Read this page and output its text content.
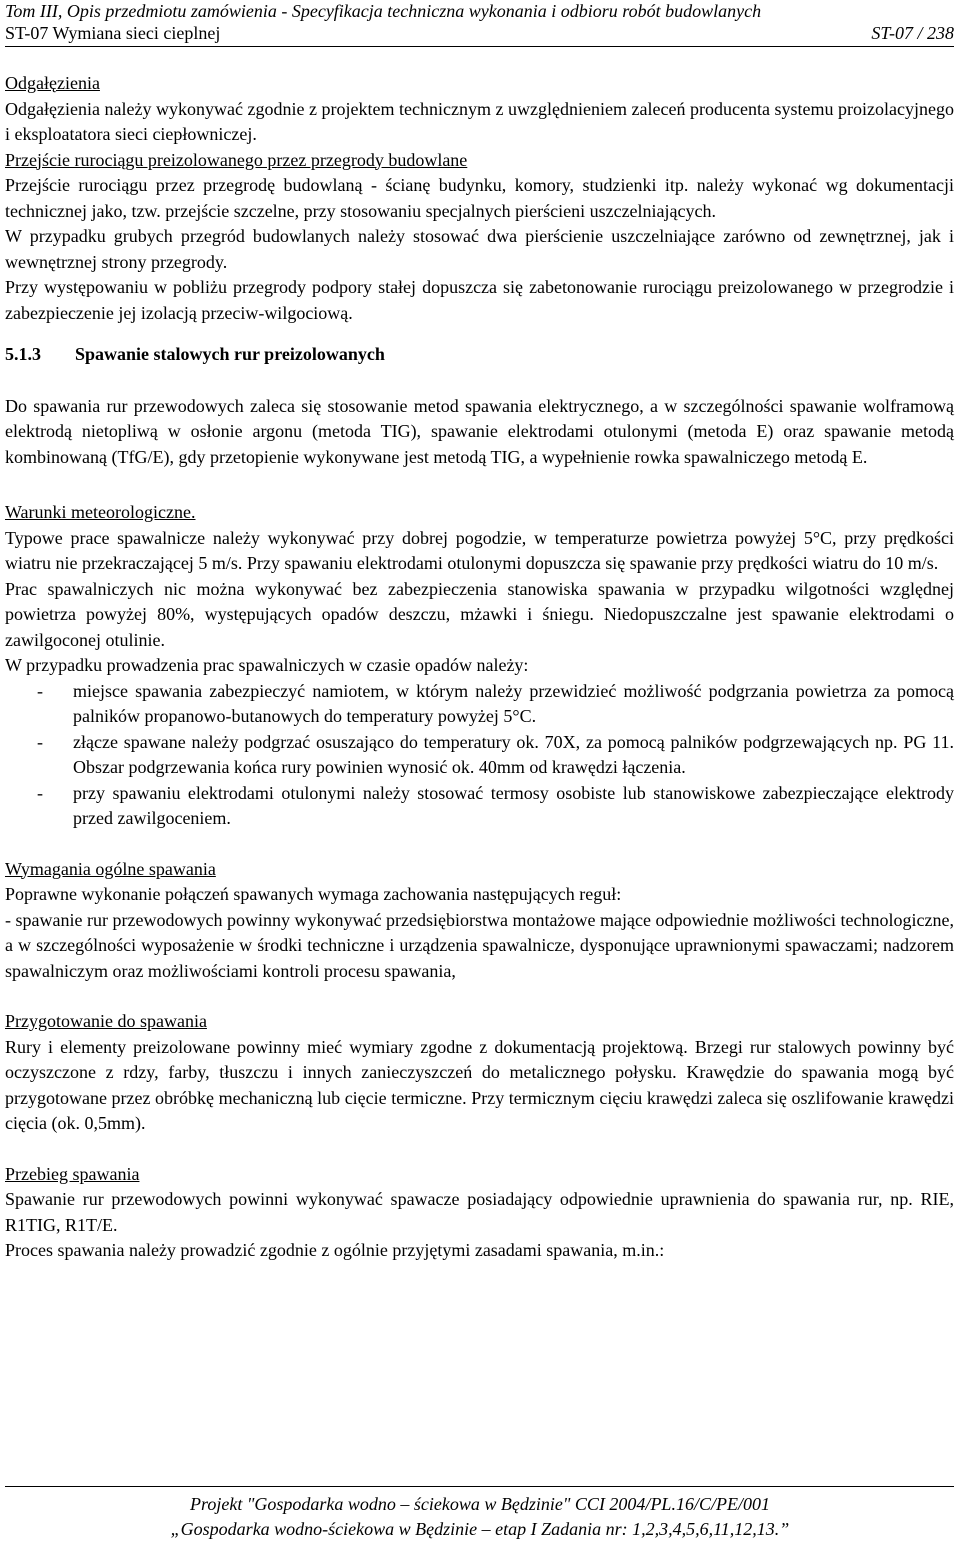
Tom III, Opis przedmiotu zamówienia - Specyfikacja techniczna wykonania i odbioru robót budowlanych
ST-07 Wymiana sieci cieplnej	ST-07 / 238

Odgałęzienia

Odgałęzienia należy wykonywać zgodnie z projektem technicznym z uwzględnieniem zaleceń producenta systemu proizolacyjnego i eksploatatora sieci ciepłowniczej.

Przejście rurociągu preizolowanego przez przegrody budowlane

Przejście rurociągu przez przegrodę budowlaną - ścianę budynku, komory, studzienki itp. należy wykonać wg dokumentacji technicznej jako, tzw. przejście szczelne, przy stosowaniu specjalnych pierścieni uszczelniających.

W przypadku grubych przegród budowlanych należy stosować dwa pierścienie uszczelniające zarówno od zewnętrznej, jak i wewnętrznej strony przegrody.

Przy występowaniu w pobliżu przegrody podpory stałej dopuszcza się zabetonowanie rurociągu preizolowanego w przegrodzie i zabezpieczenie jej izolacją przeciw-wilgociową.

5.1.3	Spawanie stalowych rur preizolowanych

Do spawania rur przewodowych zaleca się stosowanie metod spawania elektrycznego, a w szczególności spawanie wolframową elektrodą nietopliwą w osłonie argonu (metoda TIG), spawanie elektrodami otulonymi (metoda E) oraz spawanie metodą kombinowaną (TfG/E), gdy przetopienie wykonywane jest metodą TIG, a wypełnienie rowka spawalniczego metodą E.

Warunki meteorologiczne.

Typowe prace spawalnicze należy wykonywać przy dobrej pogodzie, w temperaturze powietrza powyżej 5°C, przy prędkości wiatru nie przekraczającej 5 m/s. Przy spawaniu elektrodami otulonymi dopuszcza się spawanie przy prędkości wiatru do 10 m/s.

Prac spawalniczych nic można wykonywać bez zabezpieczenia stanowiska spawania w przypadku wilgotności względnej powietrza powyżej 80%, występujących opadów deszczu, mżawki i śniegu. Niedopuszczalne jest spawanie elektrodami o zawilgoconej otulinie.

W przypadku prowadzenia prac spawalniczych w czasie opadów należy:

-	miejsce spawania zabezpieczyć namiotem, w którym należy przewidzieć możliwość podgrzania powietrza za pomocą palników propanowo-butanowych do temperatury powyżej 5°C.
-	złącze spawane należy podgrzać osuszająco do temperatury ok. 70X, za pomocą palników podgrzewających np. PG 11. Obszar podgrzewania końca rury powinien wynosić ok. 40mm od krawędzi łączenia.
-	przy spawaniu elektrodami otulonymi należy stosować termosy osobiste lub stanowiskowe zabezpieczające elektrody przed zawilgoceniem.

Wymagania ogólne spawania

Poprawne wykonanie połączeń spawanych wymaga zachowania następujących reguł:

- spawanie rur przewodowych powinny wykonywać przedsiębiorstwa montażowe mające odpowiednie możliwości technologiczne, a w szczególności wyposażenie w środki techniczne i urządzenia spawalnicze, dysponujące uprawnionymi spawaczami; nadzorem spawalniczym oraz możliwościami kontroli procesu spawania,

Przygotowanie do spawania

Rury i elementy preizolowane powinny mieć wymiary zgodne z dokumentacją projektową. Brzegi rur stalowych powinny być oczyszczone z rdzy, farby, tłuszczu i innych zanieczyszczeń do metalicznego połysku. Krawędzie do spawania mogą być przygotowane przez obróbkę mechaniczną lub cięcie termiczne. Przy termicznym cięciu krawędzi zaleca się oszlifowanie krawędzi cięcia (ok. 0,5mm).

Przebieg spawania

Spawanie rur przewodowych powinni wykonywać spawacze posiadający odpowiednie uprawnienia do spawania rur, np. RIE, R1TIG, R1T/E.

Proces spawania należy prowadzić zgodnie z ogólnie przyjętymi zasadami spawania, m.in.:

Projekt "Gospodarka wodno – ściekowa w Będzinie" CCI 2004/PL.16/C/PE/001
„Gospodarka wodno-ściekowa w Będzinie – etap I Zadania nr: 1,2,3,4,5,6,11,12,13.”
